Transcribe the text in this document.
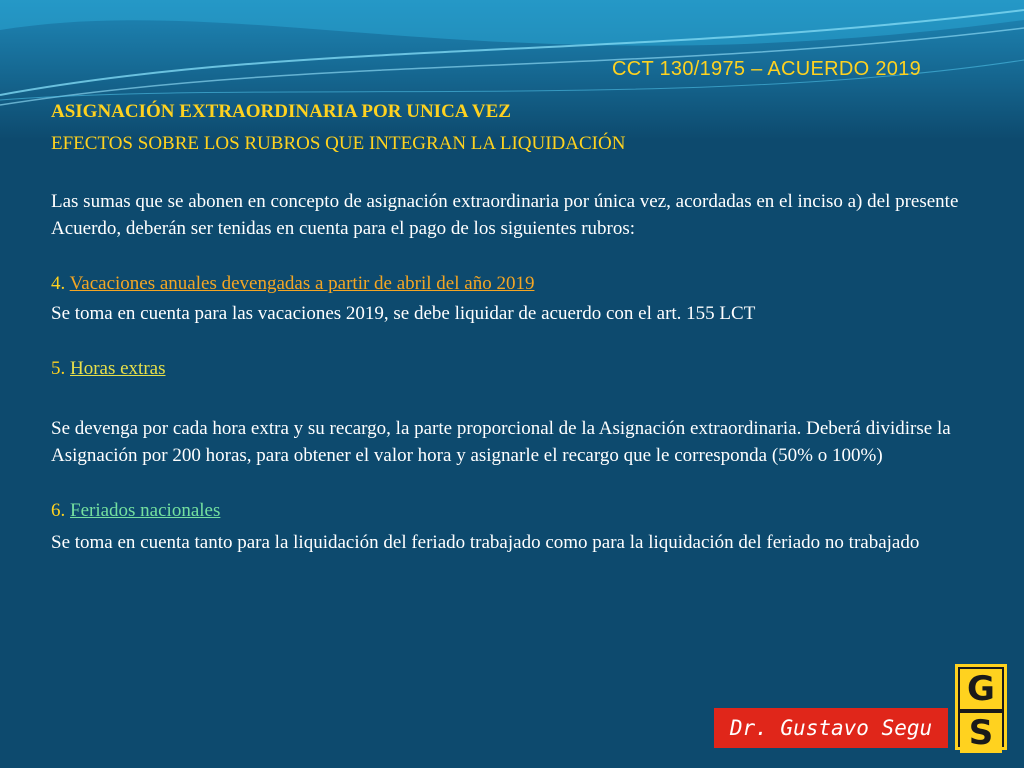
CCT 130/1975 – ACUERDO 2019
ASIGNACIÓN EXTRAORDINARIA POR UNICA VEZ
EFECTOS SOBRE LOS RUBROS QUE INTEGRAN LA LIQUIDACIÓN
Las sumas que se abonen en concepto de asignación extraordinaria por única vez, acordadas en el inciso a) del presente Acuerdo, deberán ser tenidas en cuenta para el pago de los siguientes rubros:
4. Vacaciones anuales devengadas a partir de abril del año 2019
Se toma en cuenta para las vacaciones 2019, se debe liquidar de acuerdo con el art. 155 LCT
5. Horas extras
Se devenga por cada hora extra y su recargo, la parte proporcional de la Asignación extraordinaria. Deberá dividirse la Asignación por 200 horas, para obtener el valor hora y asignarle el recargo que le corresponda (50% o 100%)
6. Feriados nacionales
Se toma en cuenta tanto para la liquidación del feriado trabajado como para la liquidación del feriado no trabajado
Dr. Gustavo Segu
G
S
